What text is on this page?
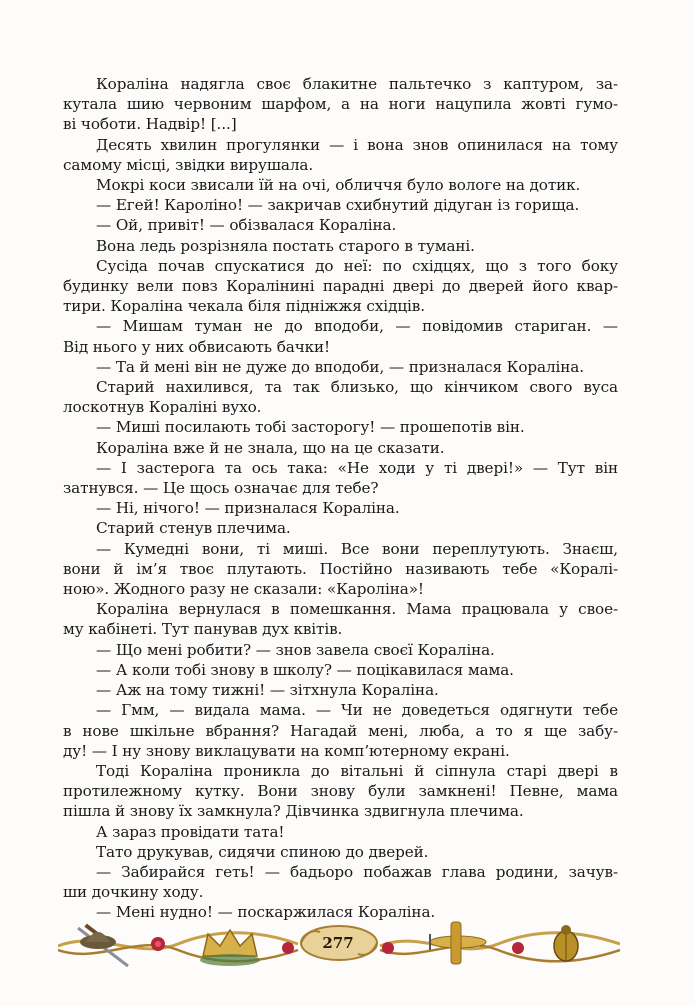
Кораліна надягла своє блакитне пальтечко з каптуром, за-
кутала шию червоним шарфом, а на ноги нацупила жовті гумо-
ві чоботи. Надвір! [...]

Десять хвилин прогулянки — і вона знов опинилася на тому
самому місці, звідки вирушала.

Мокрі коси звисали їй на очі, обличчя було вологе на дотик.

— Егей! Кароліно! — закричав схибнутий дідуган із горища.

— Ой, привіт! — обізвалася Кораліна.

Вона ледь розрізняла постать старого в тумані.

Сусіда почав спускатися до неї: по східцях, що з того боку
будинку вели повз Коралінині парадні двері до дверей його квар-
тири. Кораліна чекала біля підніжжя східців.

— Мишам туман не до вподоби, — повідомив стариган. —
Від нього у них обвисають бачки!

— Та й мені він не дуже до вподоби, — призналася Кораліна.

Старий нахилився, та так близько, що кінчиком свого вуса
лоскотнув Кораліні вухо.

— Миші посилають тобі засторогу! — прошепотів він.

Кораліна вже й не знала, що на це сказати.

— І застерога та ось така: «Не ходи у ті двері!» — Тут він
затнувся. — Це щось означає для тебе?

— Ні, нічого! — призналася Кораліна.

Старий стенув плечима.

— Кумедні вони, ті миші. Все вони переплутують. Знаєш,
вони й ім’я твоє плутають. Постійно називають тебе «Коралі-
ною». Жодного разу не сказали: «Кароліна»!

Кораліна вернулася в помешкання. Мама працювала у свое-
му кабінеті. Тут панував дух квітів.

— Що мені робити? — знов завела своєї Кораліна.

— А коли тобі знову в школу? — поцікавилася мама.

— Аж на тому тижні! — зітхнула Кораліна.

— Гмм, — видала мама. — Чи не доведеться одягнути тебе
в нове шкільне вбрання? Нагадай мені, люба, а то я ще забу-
ду! — І ну знову виклацувати на комп’ютерному екрані.

Тоді Кораліна проникла до вітальні й сіпнула старі двері в
протилежному кутку. Вони знову були замкнені! Певне, мама
пішла й знову їх замкнула? Дівчинка здвигнула плечима.

А зараз провідати тата!

Тато друкував, сидячи спиною до дверей.

— Забирайся геть! — бадьоро побажав глава родини, зачув-
ши дочкину ходу.

— Мені нудно! — поскаржилася Кораліна.

277
